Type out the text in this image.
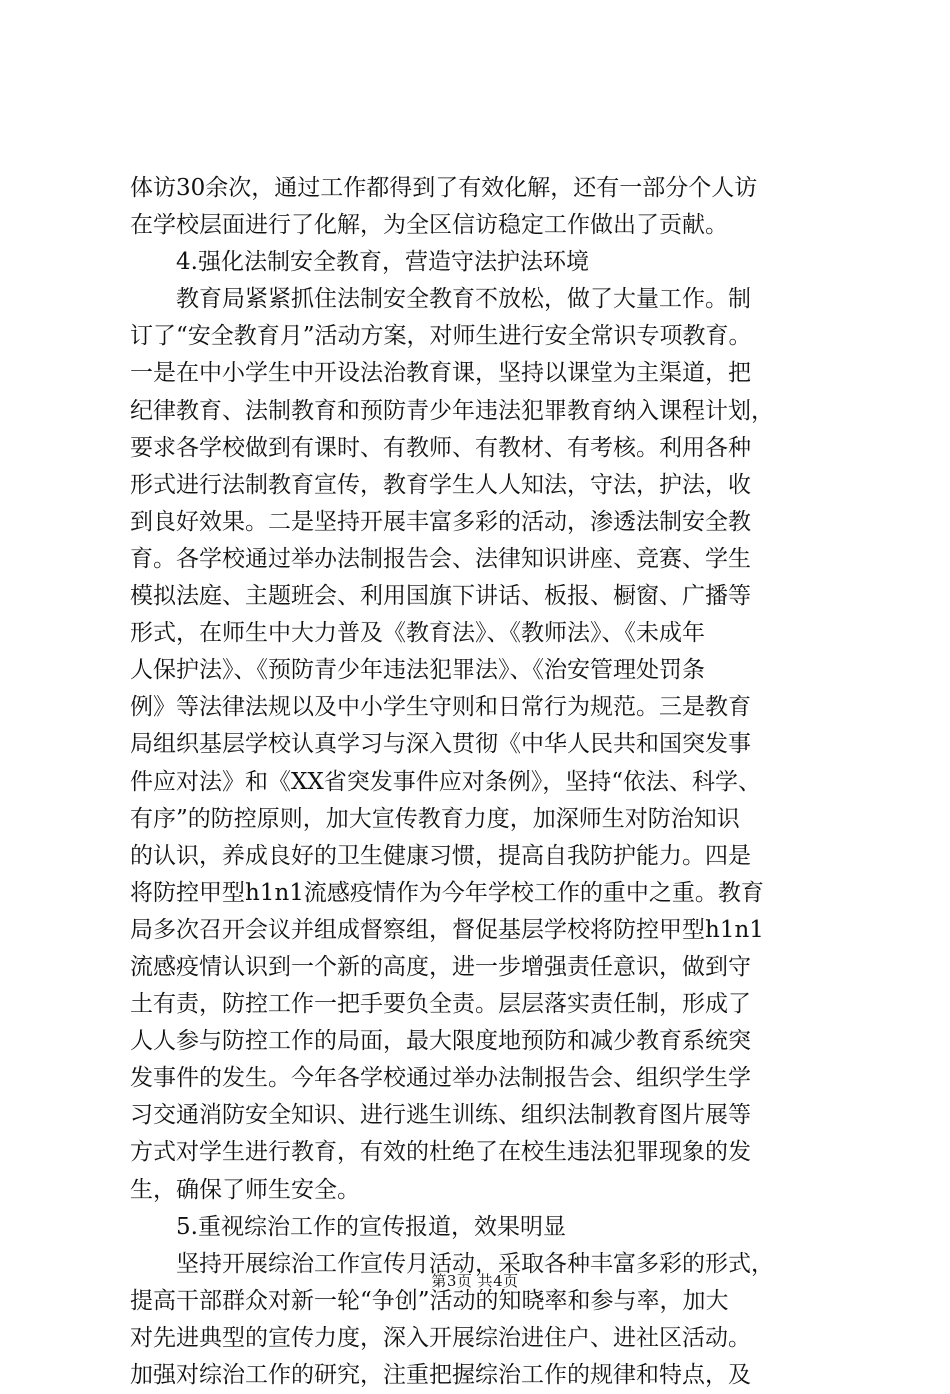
体访30余次，通过工作都得到了有效化解，还有一部分个人访
在学校层面进行了化解，为全区信访稳定工作做出了贡献。
　　4.强化法制安全教育，营造守法护法环境
　　教育局紧紧抓住法制安全教育不放松，做了大量工作。制
订了“安全教育月”活动方案，对师生进行安全常识专项教育。
一是在中小学生中开设法治教育课，坚持以课堂为主渠道，把
纪律教育、法制教育和预防青少年违法犯罪教育纳入课程计划，
要求各学校做到有课时、有教师、有教材、有考核。利用各种
形式进行法制教育宣传，教育学生人人知法，守法，护法，收
到良好效果。二是坚持开展丰富多彩的活动，渗透法制安全教
育。各学校通过举办法制报告会、法律知识讲座、竞赛、学生
模拟法庭、主题班会、利用国旗下讲话、板报、橱窗、广播等
形式，在师生中大力普及《教育法》、《教师法》、《未成年
人保护法》、《预防青少年违法犯罪法》、《治安管理处罚条
例》等法律法规以及中小学生守则和日常行为规范。三是教育
局组织基层学校认真学习与深入贯彻《中华人民共和国突发事
件应对法》和《XX省突发事件应对条例》，坚持“依法、科学、
有序”的防控原则，加大宣传教育力度，加深师生对防治知识
的认识，养成良好的卫生健康习惯，提高自我防护能力。四是
将防控甲型h1n1流感疫情作为今年学校工作的重中之重。教育
局多次召开会议并组成督察组，督促基层学校将防控甲型h1n1
流感疫情认识到一个新的高度，进一步增强责任意识，做到守
土有责，防控工作一把手要负全责。层层落实责任制，形成了
人人参与防控工作的局面，最大限度地预防和减少教育系统突
发事件的发生。今年各学校通过举办法制报告会、组织学生学
习交通消防安全知识、进行逃生训练、组织法制教育图片展等
方式对学生进行教育，有效的杜绝了在校生违法犯罪现象的发
生，确保了师生安全。
　　5.重视综治工作的宣传报道，效果明显
　　坚持开展综治工作宣传月活动，采取各种丰富多彩的形式，
提高干部群众对新一轮“争创”活动的知晓率和参与率，加大
对先进典型的宣传力度，深入开展综治进住户、进社区活动。
加强对综治工作的研究，注重把握综治工作的规律和特点，及
第3页 共4页
